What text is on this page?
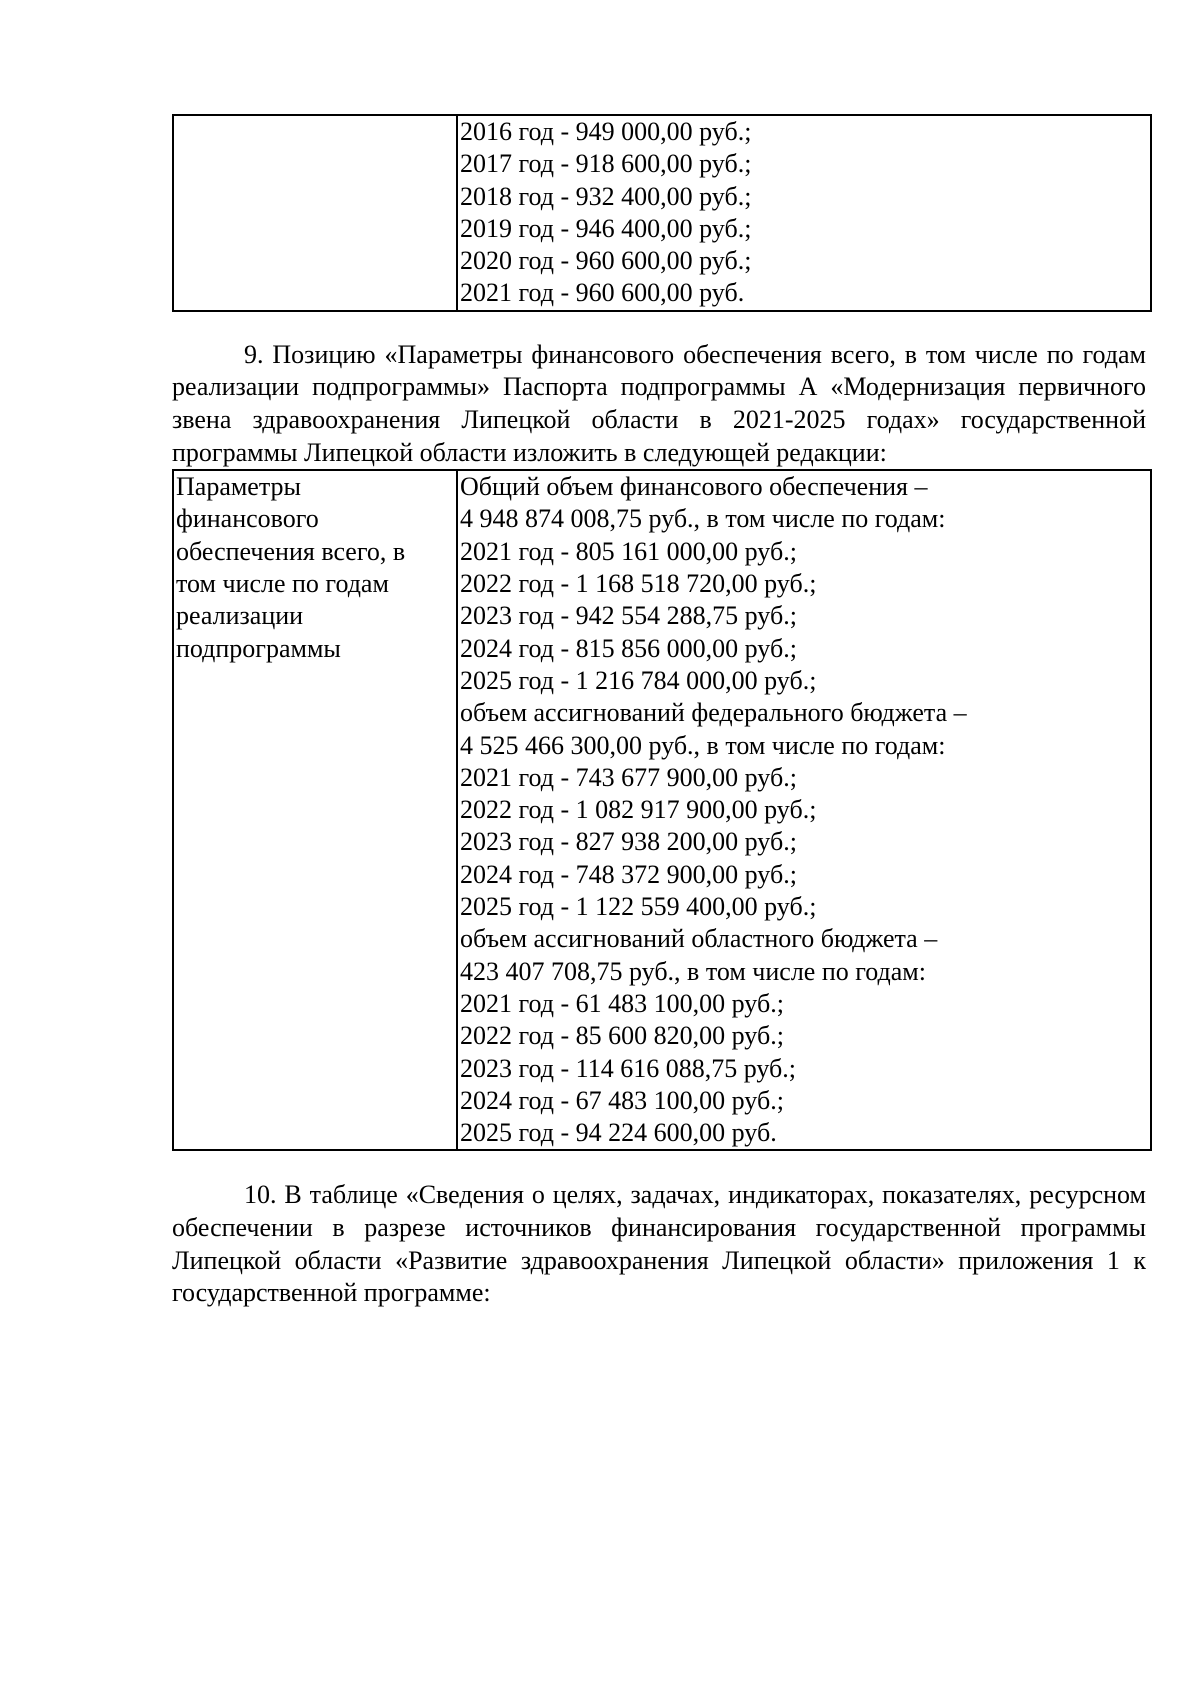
2016 год - 949 000,00 руб.;
2017 год - 918 600,00 руб.;
2018 год - 932 400,00 руб.;
2019 год - 946 400,00 руб.;
2020 год - 960 600,00 руб.;
2021 год - 960 600,00 руб.

9. Позицию «Параметры финансового обеспечения всего, в том числе по годам реализации подпрограммы» Паспорта подпрограммы А «Модернизация первичного звена здравоохранения Липецкой области в 2021-2025 годах» государственной программы Липецкой области изложить в следующей редакции:

Параметры
финансового
обеспечения всего, в
том числе по годам
реализации
подпрограммы

Общий объем финансового обеспечения –
4 948 874 008,75 руб., в том числе по годам:
2021 год - 805 161 000,00 руб.;
2022 год - 1 168 518 720,00 руб.;
2023 год - 942 554 288,75 руб.;
2024 год - 815 856 000,00 руб.;
2025 год - 1 216 784 000,00 руб.;
объем ассигнований федерального бюджета –
4 525 466 300,00 руб., в том числе по годам:
2021 год - 743 677 900,00 руб.;
2022 год - 1 082 917 900,00 руб.;
2023 год - 827 938 200,00 руб.;
2024 год - 748 372 900,00 руб.;
2025 год - 1 122 559 400,00 руб.;
объем ассигнований областного бюджета –
423 407 708,75 руб., в том числе по годам:
2021 год - 61 483 100,00 руб.;
2022 год - 85 600 820,00 руб.;
2023 год - 114 616 088,75 руб.;
2024 год - 67 483 100,00 руб.;
2025 год - 94 224 600,00 руб.

10. В таблице «Сведения о целях, задачах, индикаторах, показателях, ресурсном обеспечении в разрезе источников финансирования государственной программы Липецкой области «Развитие здравоохранения Липецкой области» приложения 1 к государственной программе:
